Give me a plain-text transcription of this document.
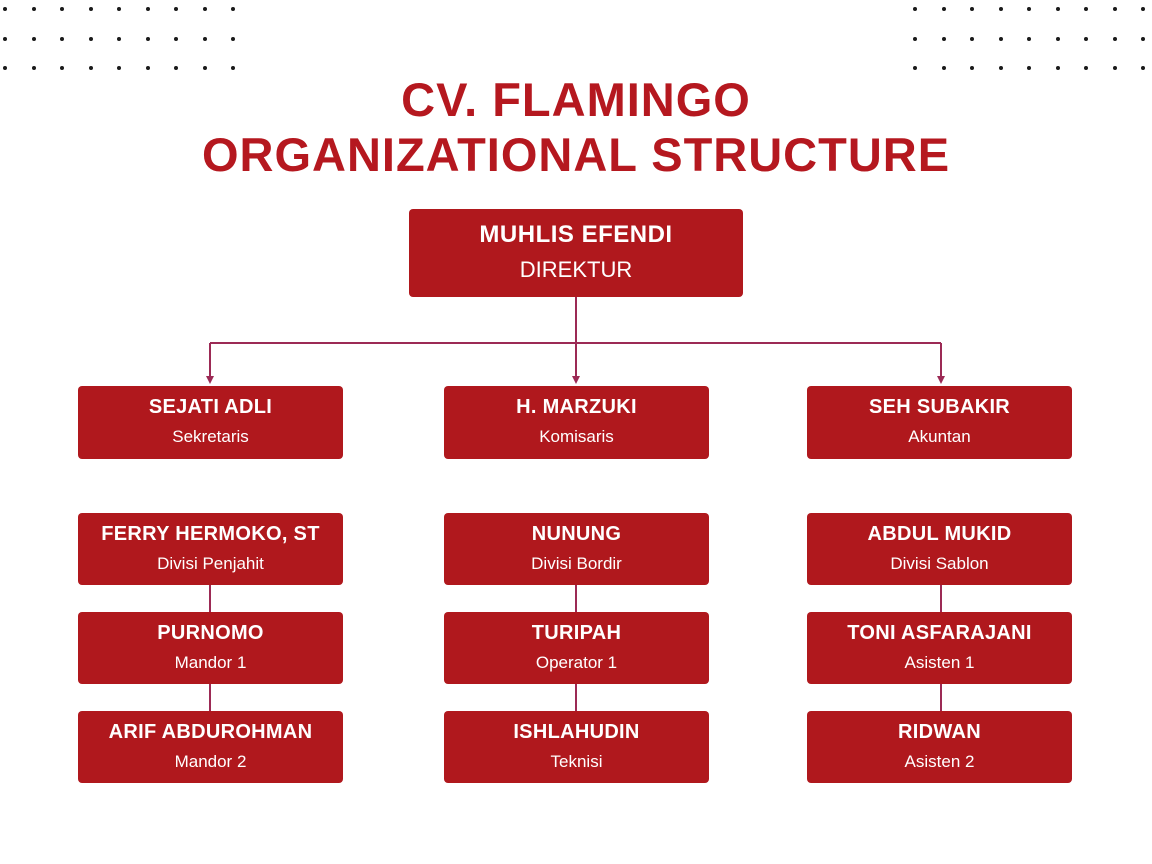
CV. FLAMINGO
ORGANIZATIONAL STRUCTURE
MUHLIS EFENDI
DIREKTUR
SEJATI ADLI
Sekretaris
H. MARZUKI
Komisaris
SEH SUBAKIR
Akuntan
FERRY HERMOKO, ST
Divisi Penjahit
PURNOMO
Mandor 1
ARIF ABDUROHMAN
Mandor 2
NUNUNG
Divisi Bordir
TURIPAH
Operator 1
ISHLAHUDIN
Teknisi
ABDUL MUKID
Divisi Sablon
TONI ASFARAJANI
Asisten 1
RIDWAN
Asisten 2
